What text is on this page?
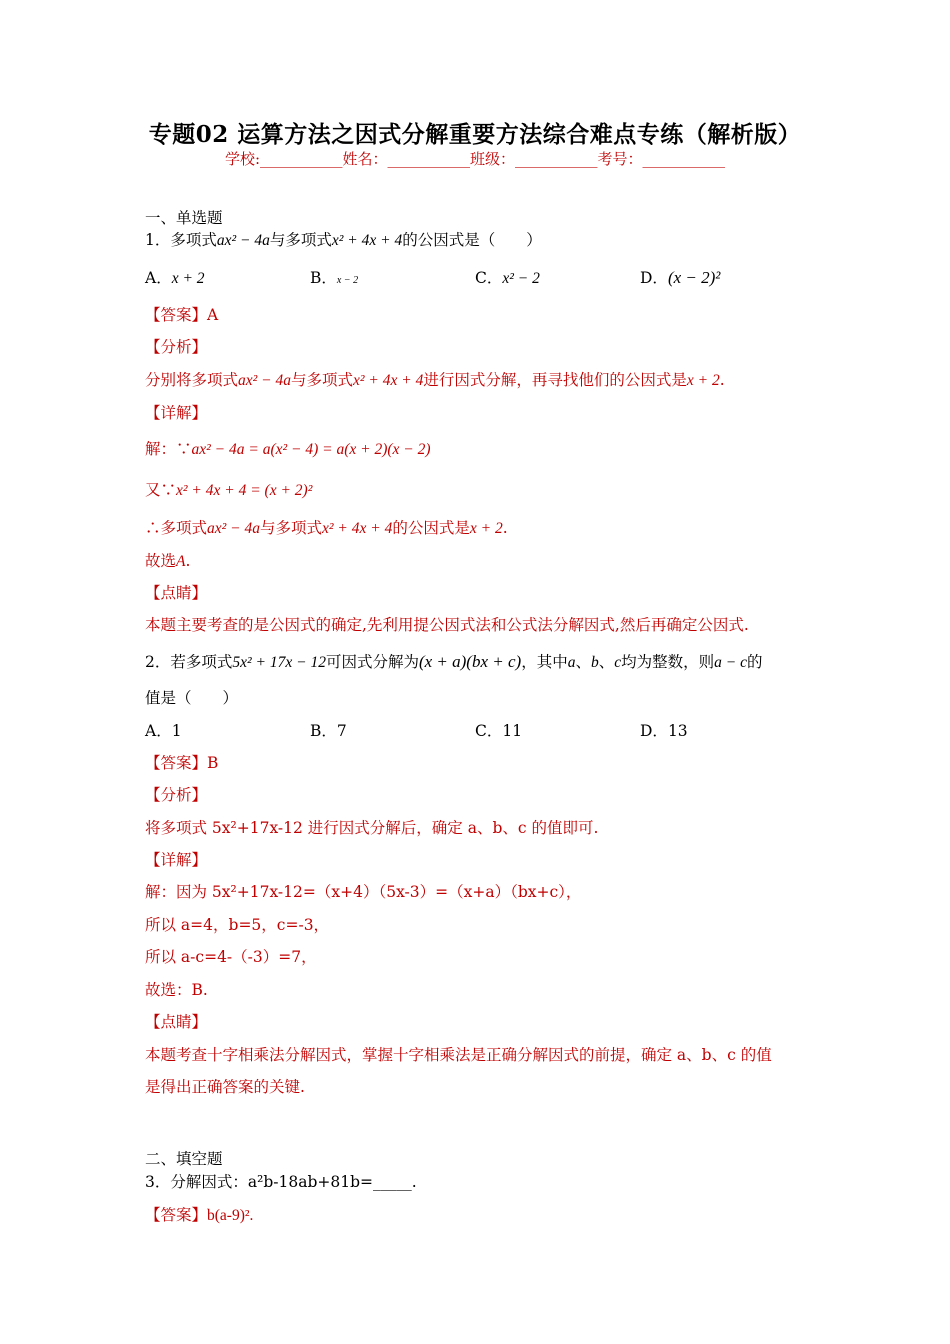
专题02 运算方法之因式分解重要方法综合难点专练（解析版）
学校:___________姓名：___________班级：___________考号：___________
一、单选题
1．多项式ax² − 4a与多项式x² + 4x + 4的公因式是（　　）
A．x + 2	B．x − 2	C．x² − 2	D．(x − 2)²
【答案】A
【分析】
分别将多项式ax² − 4a与多项式x² + 4x + 4进行因式分解，再寻找他们的公因式是x + 2.
【详解】
解：∵ax² − 4a = a(x² − 4) = a(x + 2)(x − 2)
又∵x² + 4x + 4 = (x + 2)²
∴多项式ax² − 4a与多项式x² + 4x + 4的公因式是x + 2.
故选A.
【点睛】
本题主要考查的是公因式的确定,先利用提公因式法和公式法分解因式,然后再确定公因式.
2．若多项式5x² + 17x − 12可因式分解为(x + a)(bx + c)，其中a、b、c均为整数，则a − c的
值是（　　）
A．1	B．7	C．11	D．13
【答案】B
【分析】
将多项式 5x²+17x-12 进行因式分解后，确定 a、b、c 的值即可.
【详解】
解：因为 5x²+17x-12=（x+4）（5x-3）=（x+a）（bx+c），
所以 a=4，b=5，c=-3，
所以 a-c=4-（-3）=7，
故选：B.
【点睛】
本题考查十字相乘法分解因式，掌握十字相乘法是正确分解因式的前提，确定 a、b、c 的值
是得出正确答案的关键.
二、填空题
3．分解因式：a²b-18ab+81b=_____.
【答案】b(a-9)².
